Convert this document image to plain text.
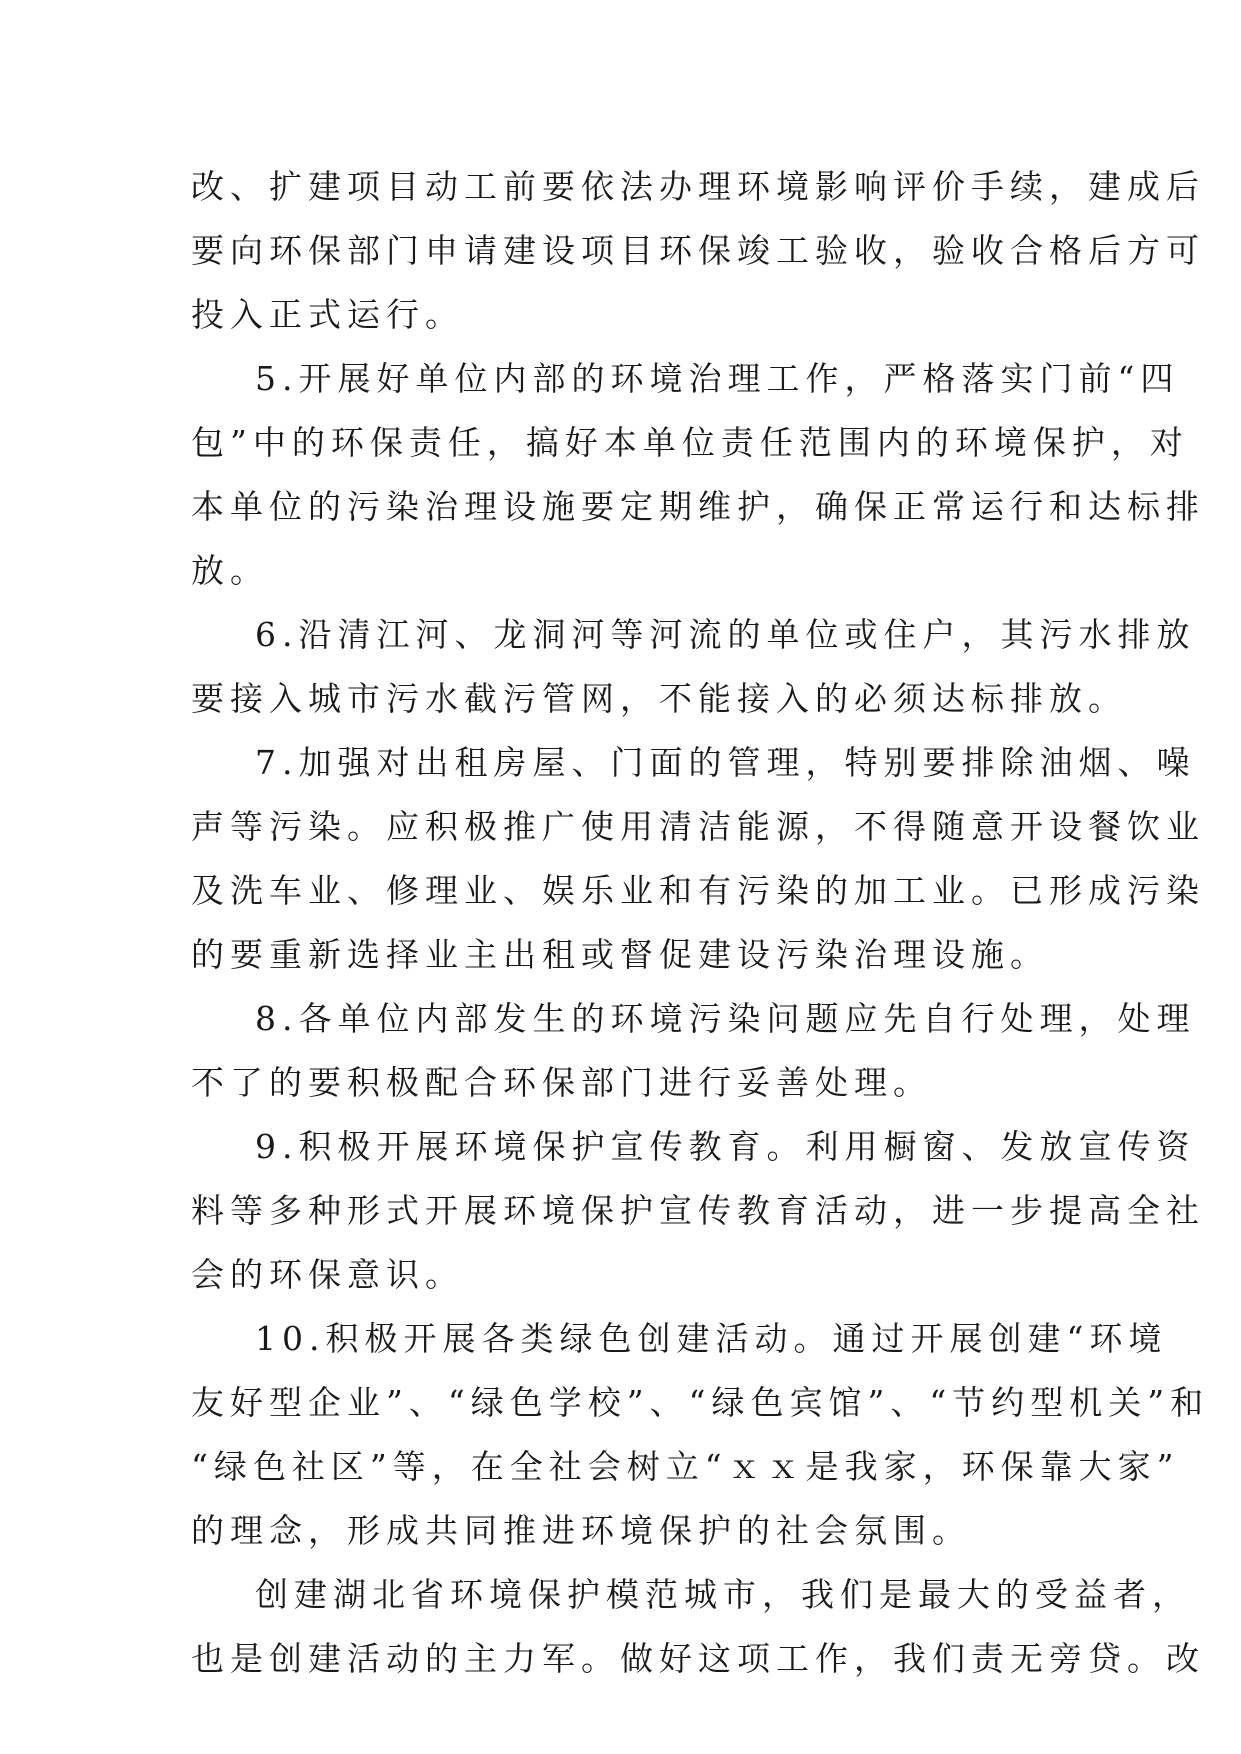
改、扩建项目动工前要依法办理环境影响评价手续，建成后
要向环保部门申请建设项目环保竣工验收，验收合格后方可
投入正式运行。
5.开展好单位内部的环境治理工作，严格落实门前“四
包”中的环保责任，搞好本单位责任范围内的环境保护，对
本单位的污染治理设施要定期维护，确保正常运行和达标排
放。
6.沿清江河、龙洞河等河流的单位或住户，其污水排放
要接入城市污水截污管网，不能接入的必须达标排放。
7.加强对出租房屋、门面的管理，特别要排除油烟、噪
声等污染。应积极推广使用清洁能源，不得随意开设餐饮业
及洗车业、修理业、娱乐业和有污染的加工业。已形成污染
的要重新选择业主出租或督促建设污染治理设施。
8.各单位内部发生的环境污染问题应先自行处理，处理
不了的要积极配合环保部门进行妥善处理。
9.积极开展环境保护宣传教育。利用橱窗、发放宣传资
料等多种形式开展环境保护宣传教育活动，进一步提高全社
会的环保意识。
10.积极开展各类绿色创建活动。通过开展创建“环境
友好型企业”、“绿色学校”、“绿色宾馆”、“节约型机关”和
“绿色社区”等，在全社会树立“ｘｘ是我家，环保靠大家”
的理念，形成共同推进环境保护的社会氛围。
创建湖北省环境保护模范城市，我们是最大的受益者，
也是创建活动的主力军。做好这项工作，我们责无旁贷。改
